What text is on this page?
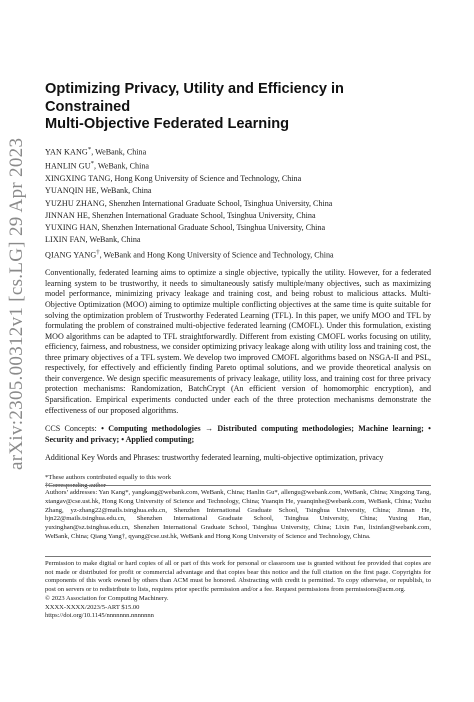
arXiv:2305.00312v1 [cs.LG] 29 Apr 2023
Optimizing Privacy, Utility and Efficiency in Constrained
Multi-Objective Federated Learning
YAN KANG*, WeBank, China
HANLIN GU*, WeBank, China
XINGXING TANG, Hong Kong University of Science and Technology, China
YUANQIN HE, WeBank, China
YUZHU ZHANG, Shenzhen International Graduate School, Tsinghua University, China
JINNAN HE, Shenzhen International Graduate School, Tsinghua University, China
YUXING HAN, Shenzhen International Graduate School, Tsinghua University, China
LIXIN FAN, WeBank, China
QIANG YANG†, WeBank and Hong Kong University of Science and Technology, China

Conventionally, federated learning aims to optimize a single objective, typically the utility. However, for a federated learning system to be trustworthy, it needs to simultaneously satisfy multiple/many objectives, such as maximizing model performance, minimizing privacy leakage and training cost, and being robust to malicious attacks. Multi-Objective Optimization (MOO) aiming to optimize multiple conflicting objectives at the same time is quite suitable for solving the optimization problem of Trustworthy Federated Learning (TFL). In this paper, we unify MOO and TFL by formulating the problem of constrained multi-objective federated learning (CMOFL). Under this formulation, existing MOO algorithms can be adapted to TFL straightforwardly. Different from existing CMOFL works focusing on utility, efficiency, fairness, and robustness, we consider optimizing privacy leakage along with utility loss and training cost, the three primary objectives of a TFL system. We develop two improved CMOFL algorithms based on NSGA-II and PSL, respectively, for effectively and efficiently finding Pareto optimal solutions, and we provide theoretical analysis on their convergence. We design specific measurements of privacy leakage, utility loss, and training cost for three privacy protection mechanisms: Randomization, BatchCrypt (An efficient version of homomorphic encryption), and Sparsification. Empirical experiments conducted under each of the three protection mechanisms demonstrate the effectiveness of our proposed algorithms.

CCS Concepts: • Computing methodologies → Distributed computing methodologies; Machine learning; • Security and privacy; • Applied computing;

Additional Key Words and Phrases: trustworthy federated learning, multi-objective optimization, privacy

*These authors contributed equally to this work
†Corresponding author
Authors’ addresses: Yan Kang*, yangkang@webank.com, WeBank, China; Hanlin Gu*, allengu@webank.com, WeBank, China; Xingxing Tang, xtangav@cse.ust.hk, Hong Kong University of Science and Technology, China; Yuanqin He, yuanqinhe@webank.com, WeBank, China; Yuzhu Zhang, yz-zhang22@mails.tsinghua.edu.cn, Shenzhen International Graduate School, Tsinghua University, China; Jinnan He, hjn22@mails.tsinghua.edu.cn, Shenzhen International Graduate School, Tsinghua University, China; Yuxing Han, yuxinghan@sz.tsinghua.edu.cn, Shenzhen International Graduate School, Tsinghua University, China; Lixin Fan, lixinfan@webank.com, WeBank, China; Qiang Yang†, qyang@cse.ust.hk, WeBank and Hong Kong University of Science and Technology, China.
Permission to make digital or hard copies of all or part of this work for personal or classroom use is granted without fee provided that copies are not made or distributed for profit or commercial advantage and that copies bear this notice and the full citation on the first page. Copyrights for components of this work owned by others than ACM must be honored. Abstracting with credit is permitted. To copy otherwise, or republish, to post on servers or to redistribute to lists, requires prior specific permission and/or a fee. Request permissions from permissions@acm.org.
© 2023 Association for Computing Machinery.
XXXX-XXXX/2023/5-ART $15.00
https://doi.org/10.1145/nnnnnnn.nnnnnnn
